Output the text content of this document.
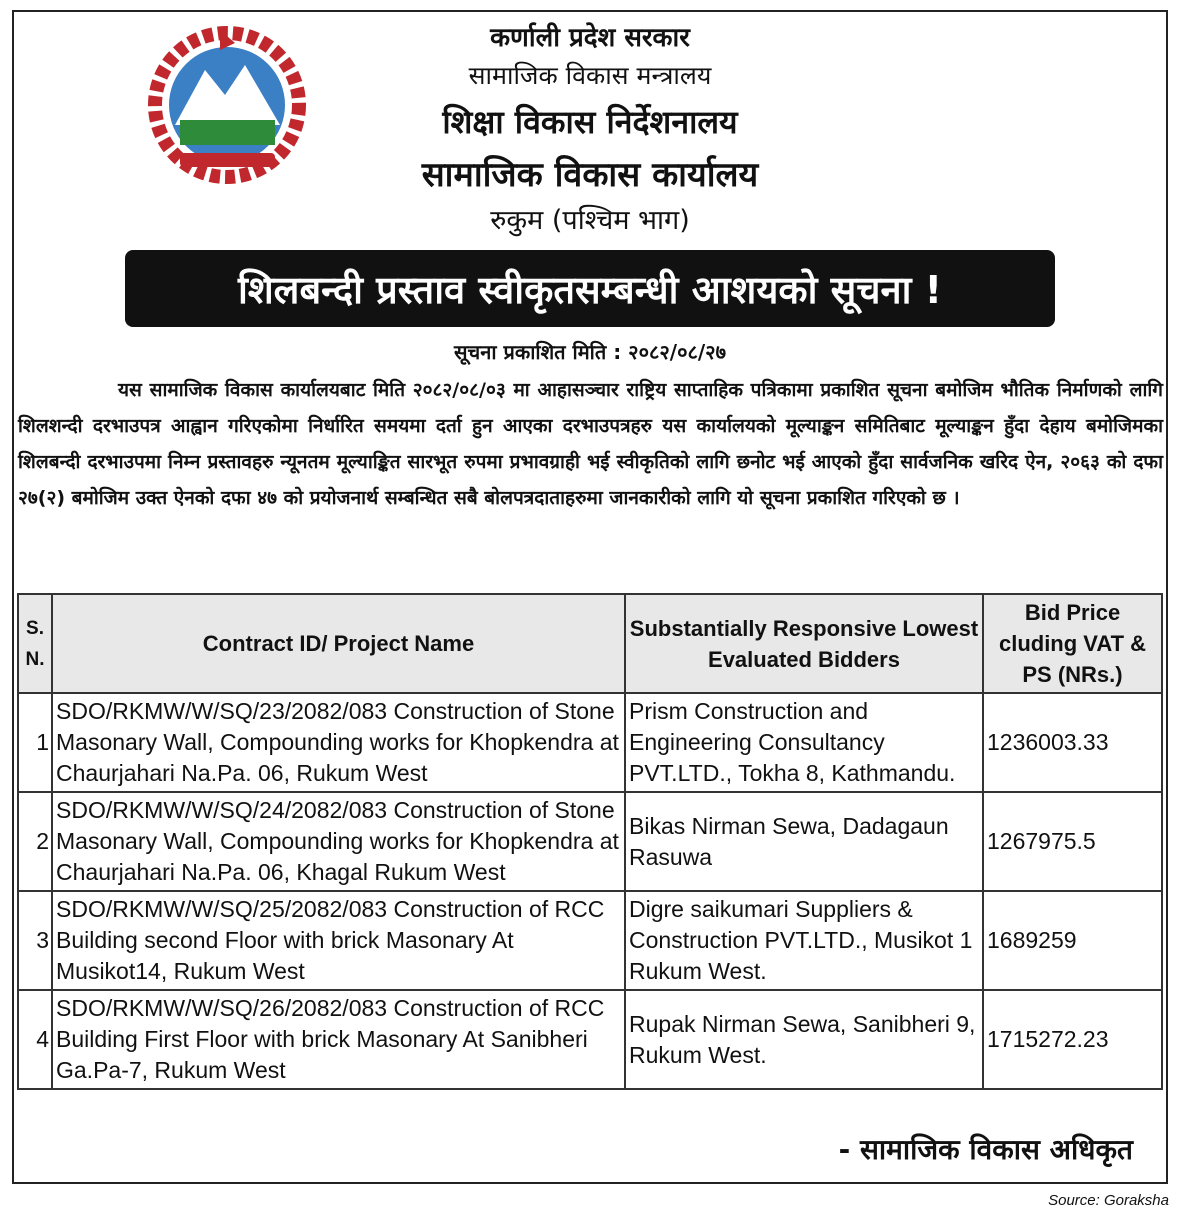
कर्णाली प्रदेश सरकार
सामाजिक विकास मन्त्रालय
शिक्षा विकास निर्देशनालय
सामाजिक विकास कार्यालय
रुकुम (पश्चिम भाग)
शिलबन्दी प्रस्ताव स्वीकृतसम्बन्धी आशयको सूचना !
सूचना प्रकाशित मिति : २०८२/०८/२७
यस सामाजिक विकास कार्यालयबाट मिति २०८२/०८/०३ मा आहासञ्चार राष्ट्रिय साप्ताहिक पत्रिकामा प्रकाशित सूचना बमोजिम भौतिक निर्माणको लागि शिलशन्दी दरभाउपत्र आह्वान गरिएकोमा निर्धारित समयमा दर्ता हुन आएका दरभाउपत्रहरु यस कार्यालयको मूल्याङ्कन समितिबाट मूल्याङ्कन हुँदा देहाय बमोजिमका शिलबन्दी दरभाउपमा निम्न प्रस्तावहरु न्यूनतम मूल्याङ्कित सारभूत रुपमा प्रभावग्राही भई स्वीकृतिको लागि छनोट भई आएको हुँदा सार्वजनिक खरिद ऐन, २०६३ को दफा २७(२) बमोजिम उक्त ऐनको दफा ४७ को प्रयोजनार्थ सम्बन्धित सबै बोलपत्रदाताहरुमा जानकारीको लागि यो सूचना प्रकाशित गरिएको छ ।
S. N.	Contract ID/ Project Name	Substantially Responsive Lowest Evaluated Bidders	Bid Price cluding VAT & PS (NRs.)
1	SDO/RKMW/W/SQ/23/2082/083 Construction of Stone Masonary Wall, Compounding works for Khopkendra at Chaurjahari Na.Pa. 06, Rukum West	Prism Construction and Engineering Consultancy PVT.LTD., Tokha 8, Kathmandu.	1236003.33
2	SDO/RKMW/W/SQ/24/2082/083 Construction of Stone Masonary Wall, Compounding works for Khopkendra at Chaurjahari Na.Pa. 06, Khagal Rukum West	Bikas Nirman Sewa, Dadagaun Rasuwa	1267975.5
3	SDO/RKMW/W/SQ/25/2082/083 Construction of RCC Building second Floor with brick Masonary At Musikot14, Rukum West	Digre saikumari Suppliers & Construction PVT.LTD., Musikot 1 Rukum West.	1689259
4	SDO/RKMW/W/SQ/26/2082/083 Construction of RCC Building First Floor with brick Masonary At Sanibheri Ga.Pa-7, Rukum West	Rupak Nirman Sewa, Sanibheri 9, Rukum West.	1715272.23
- सामाजिक विकास अधिकृत
Source: Goraksha
